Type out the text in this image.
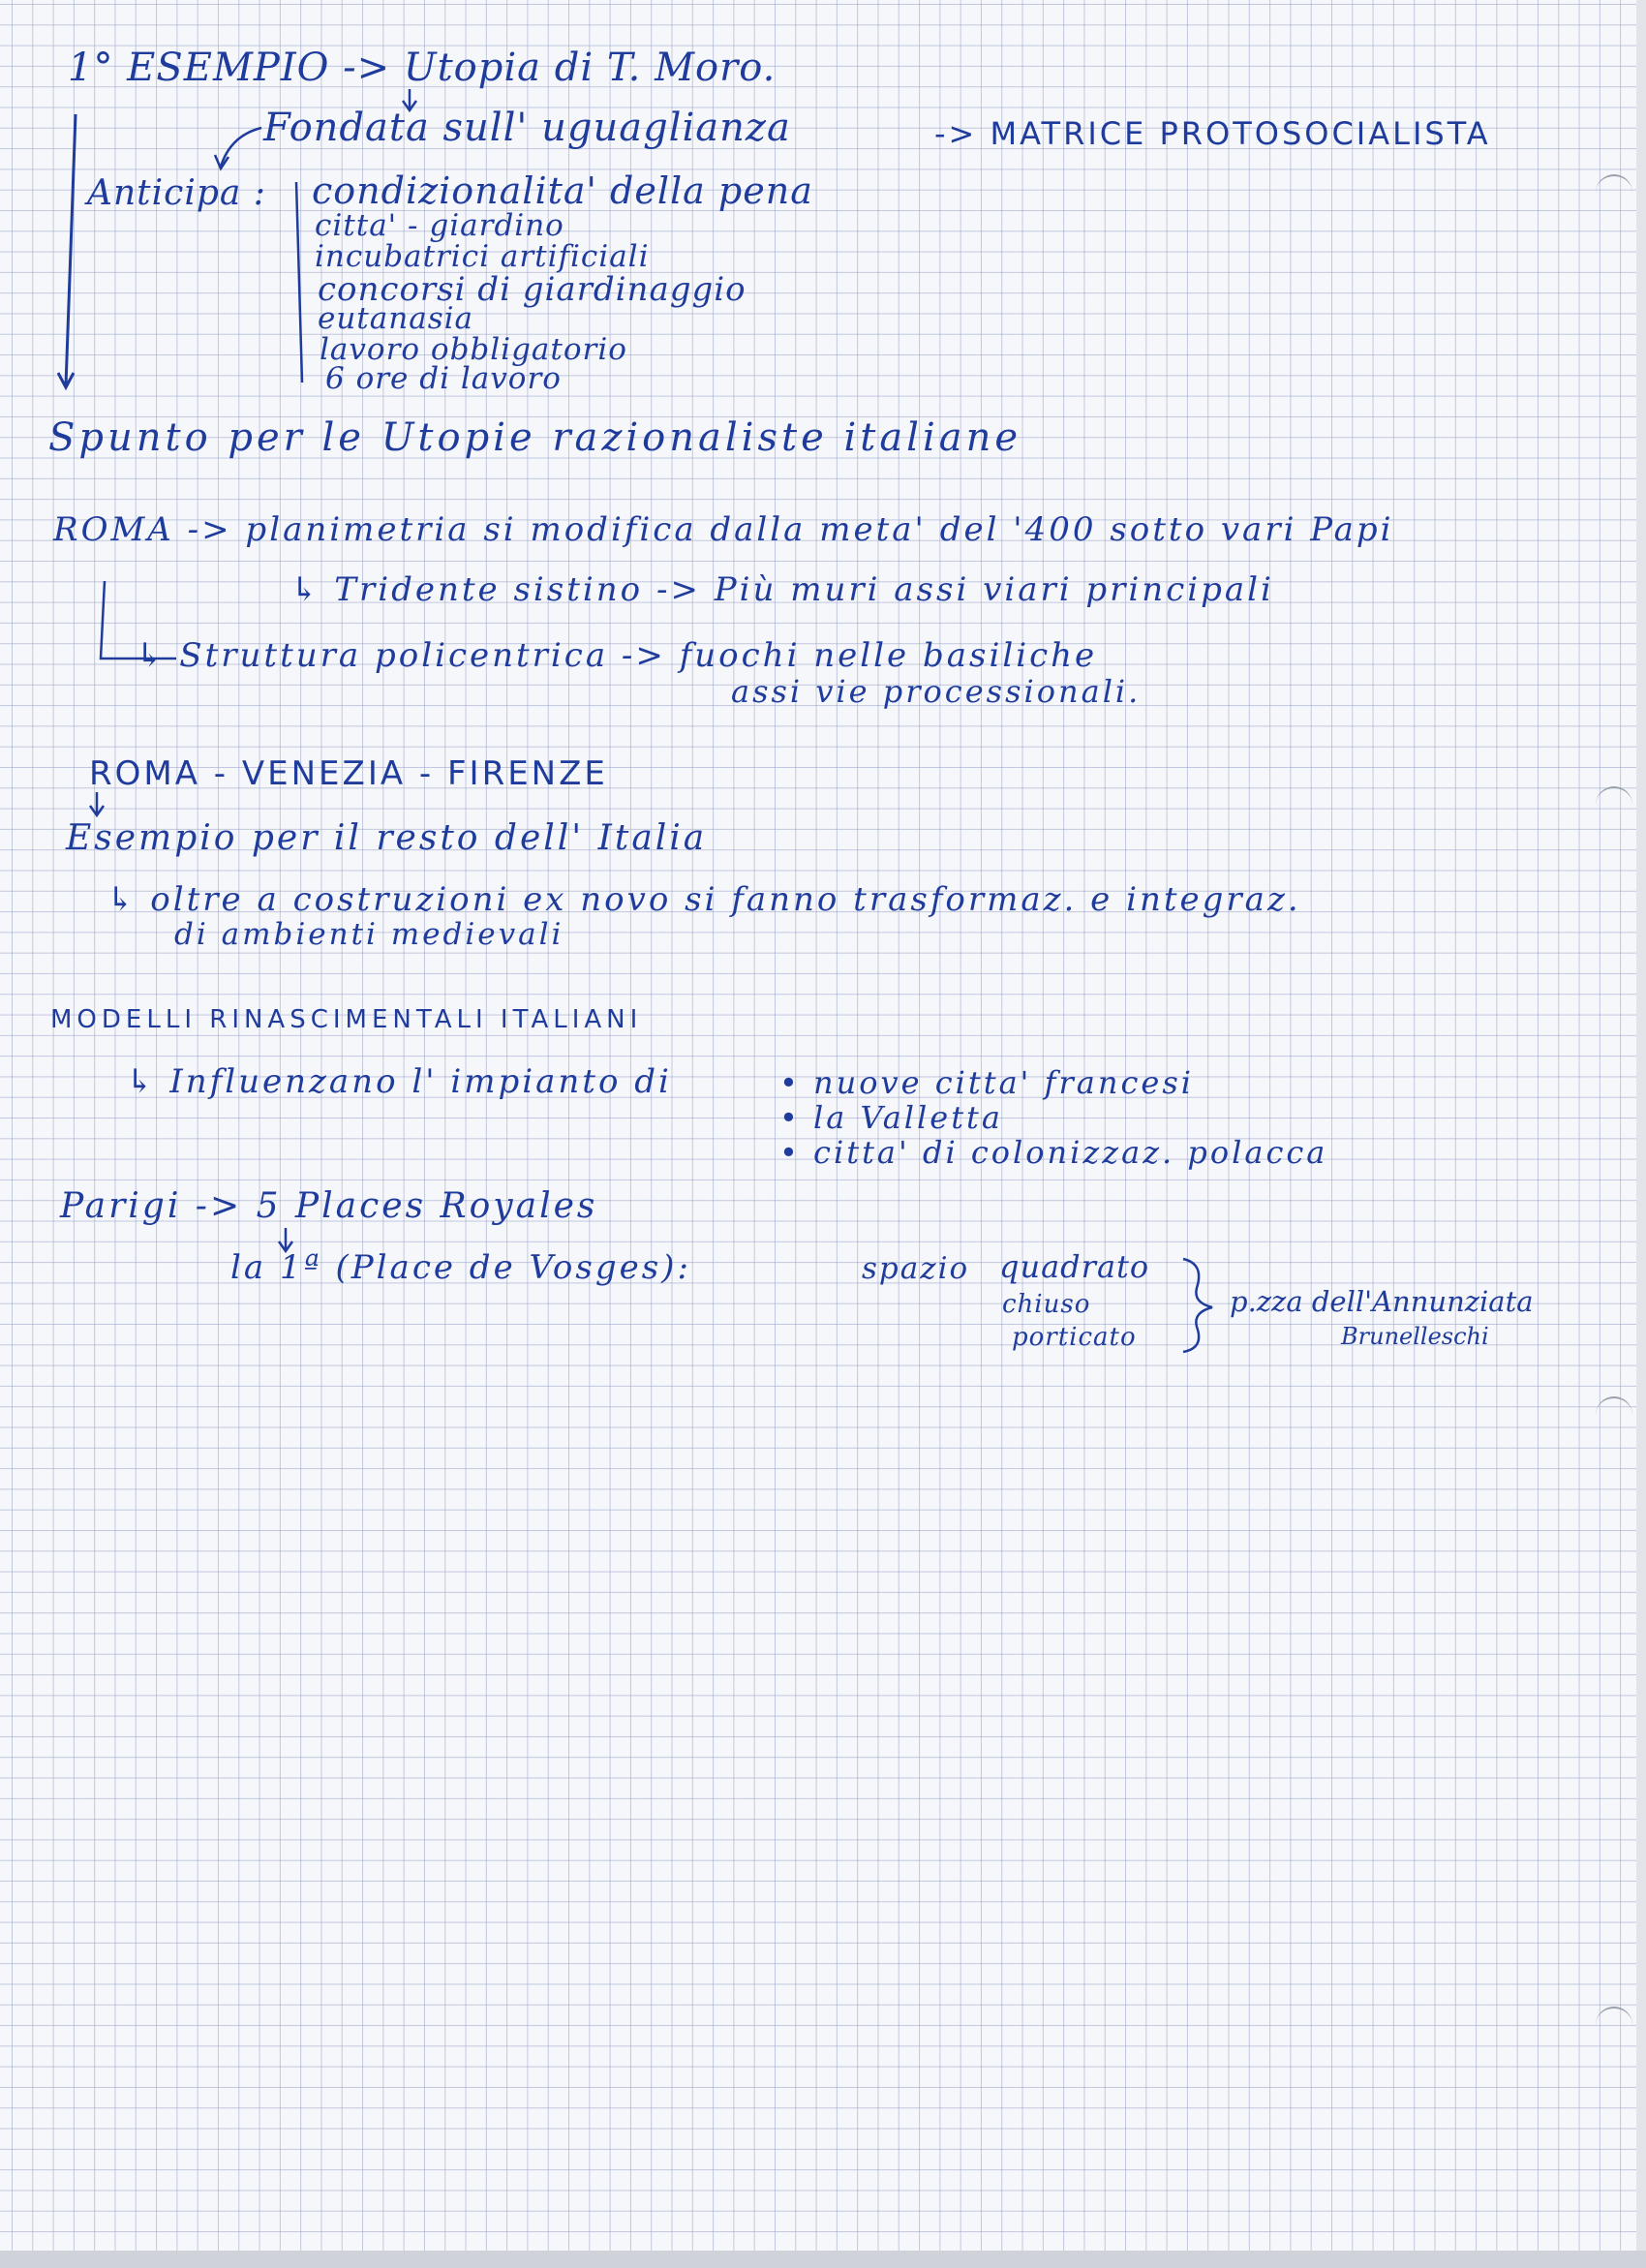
1° ESEMPIO -> Utopia di T. Moro.
Fondata sull' uguaglianza	-> MATRICE PROTOSOCIALISTA
Anticipa : condizionalita' della pena
citta' - giardino
incubatrici artificiali
concorsi di giardinaggio
eutanasia
lavoro obbligatorio
6 ore di lavoro
Spunto per le Utopie razionaliste italiane
ROMA -> planimetria si modifica dalla meta' del '400 sotto vari Papi
↳ Tridente sistino -> Più muri assi viari principali
↳ Struttura policentrica -> fuochi nelle basiliche
assi vie processionali.
ROMA - VENEZIA - FIRENZE
Esempio per il resto dell' Italia
↳ oltre a costruzioni ex novo si fanno trasformaz. e integraz.
di ambienti medievali
MODELLI RINASCIMENTALI ITALIANI
↳ Influenzano l' impianto di	• nuove citta' francesi
• la Valletta
• citta' di colonizzaz. polacca
Parigi -> 5 Places Royales
la 1ª (Place de Vosges):	spazio quadrato
chiuso
porticato
p.zza dell'Annunziata
Brunelleschi
